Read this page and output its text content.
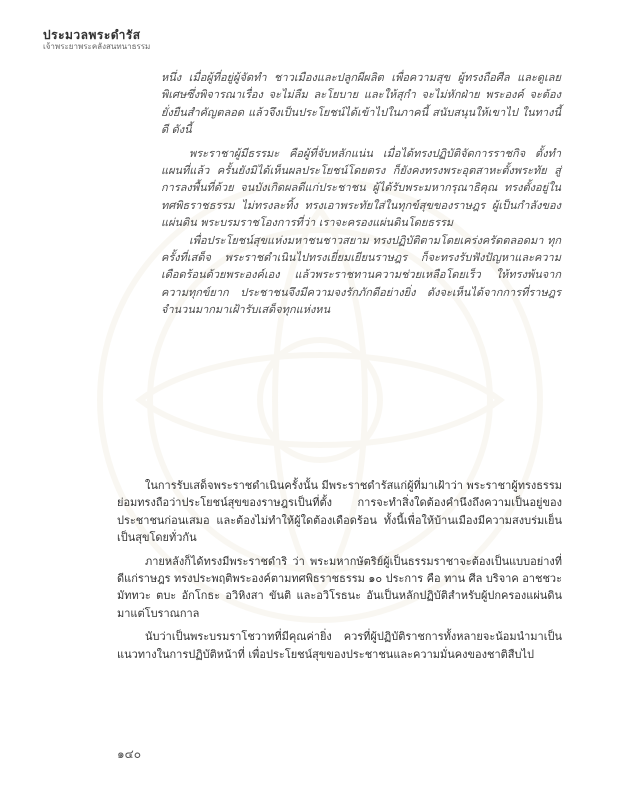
ประมวลพระดำรัส
เจ้าพระยาพระคลังสนทนาธรรม

หนึ่ง เมื่อผู้ที่อยู่ผู้จัดทำ ชาวเมืองและปลูกผีผลิต เพื่อความสุข ผู้ทรงถือศีล และดูเลยพิเศษซึ่งพิจารณาเรื่อง จะไม่ลืม ละโยบาย และให้สุกำ จะไม่หักฝ่าย พระองค์ จะต้องยั่งยืนสำคัญตลอด แล้วจึงเป็นประโยชน์ได้เข้าไปในภาคนี้ สนับสนุนให้เขาไป ในทางนี้ดี ดังนี้

พระราชาผู้มีธรรมะ คือผู้ที่จับหลักแน่น เมื่อได้ทรงปฏิบัติจัดการราชกิจ ตั้งทำแผนที่แล้ว ครั้นยังมิได้เห็นผลประโยชน์โดยตรง ก็ยังคงทรงพระอุตสาหะตั้งพระทัย สู่การลงพื้นที่ด้วย จนบังเกิดผลดีแก่ประชาชน ผู้ได้รับพระมหากรุณาธิคุณ ทรงตั้งอยู่ในทศพิธราชธรรม ไม่ทรงละทิ้ง ทรงเอาพระทัยใส่ในทุกข์สุขของราษฎร ผู้เป็นกำลังของแผ่นดิน พระบรมราชโองการที่ว่า เราจะครองแผ่นดินโดยธรรม

เพื่อประโยชน์สุขแห่งมหาชนชาวสยาม ทรงปฏิบัติตามโดยเคร่งครัดตลอดมา ทุกครั้งที่เสด็จ พระราชดำเนินไปทรงเยี่ยมเยียนราษฎร ก็จะทรงรับฟังปัญหาและความเดือดร้อนด้วยพระองค์เอง แล้วพระราชทานความช่วยเหลือโดยเร็ว ให้ทรงพ้นจากความทุกข์ยาก ประชาชนจึงมีความจงรักภักดีอย่างยิ่ง ดังจะเห็นได้จากการที่ราษฎรจำนวนมากมาเฝ้ารับเสด็จทุกแห่งหน

ในการรับเสด็จพระราชดำเนินครั้งนั้น มีพระราชดำรัสแก่ผู้ที่มาเฝ้าว่า พระราชาผู้ทรงธรรมย่อมทรงถือว่าประโยชน์สุขของราษฎรเป็นที่ตั้ง การจะทำสิ่งใดต้องคำนึงถึงความเป็นอยู่ของประชาชนก่อนเสมอ และต้องไม่ทำให้ผู้ใดต้องเดือดร้อน ทั้งนี้เพื่อให้บ้านเมืองมีความสงบร่มเย็นเป็นสุขโดยทั่วกัน

ภายหลังก็ได้ทรงมีพระราชดำริ ว่า พระมหากษัตริย์ผู้เป็นธรรมราชาจะต้องเป็นแบบอย่างที่ดีแก่ราษฎร ทรงประพฤติพระองค์ตามทศพิธราชธรรม ๑๐ ประการ คือ ทาน ศีล บริจาค อาชชวะ มัททวะ ตบะ อักโกธะ อวิหิงสา ขันติ และอวิโรธนะ อันเป็นหลักปฏิบัติสำหรับผู้ปกครองแผ่นดินมาแต่โบราณกาล

นับว่าเป็นพระบรมราโชวาทที่มีคุณค่ายิ่ง ควรที่ผู้ปฏิบัติราชการทั้งหลายจะน้อมนำมาเป็นแนวทางในการปฏิบัติหน้าที่ เพื่อประโยชน์สุขของประชาชนและความมั่นคงของชาติสืบไป

๑๔๐
